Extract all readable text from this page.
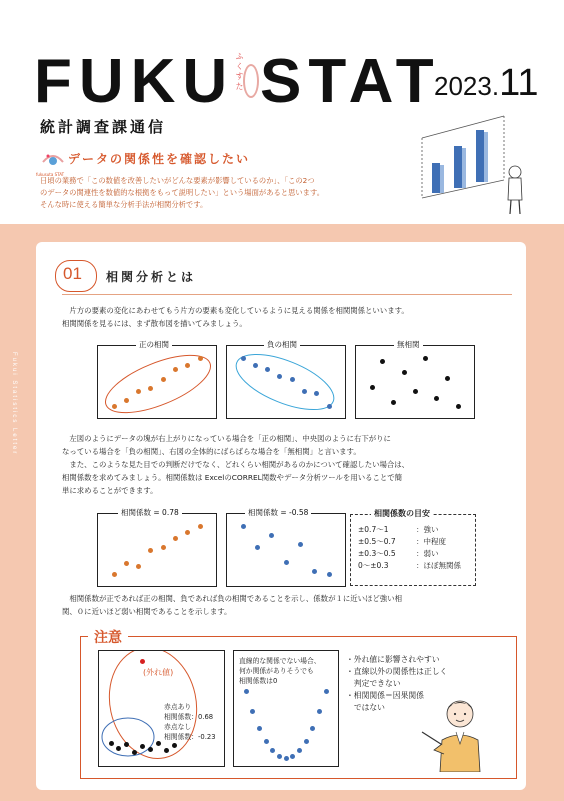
FUKU ふくすた STAT
2023.11
統計調査課通信
fukusuta STAT
データの関係性を確認したい
日頃の業務で「この数値を改善したいがどんな要素が影響しているのか」、「この2つ
のデータの関連性を数値的な根拠をもって説明したい」という場面があると思います。
そんな時に使える簡単な分析手法が相関分析です。
Fukui Statistics Letter
01 相関分析とは
　片方の要素の変化にあわせてもう片方の要素も変化しているように見える関係を相関関係といいます。
相関関係を見るには、まず散布図を描いてみましょう。
正の相関	負の相関	無相関
　左図のようにデータの塊が右上がりになっている場合を「正の相関」、中央図のように右下がりに
なっている場合を「負の相関」、右図の全体的にばらばらな場合を「無相関」と言います。
　また、このような見た目での判断だけでなく、どれくらい相関があるのかについて確認したい場合は、
相関係数を求めてみましょう。相関係数は ExcelのCORREL関数やデータ分析ツールを用いることで簡
単に求めることができます。
相関係数 = 0.78	相関係数 = -0.58	相関係数の目安
±0.7～1	：強い
±0.5～0.7	：中程度
±0.3～0.5	：弱い
0～±0.3	：ほぼ無関係
　相関係数が正であれば正の相関、負であれば負の相関であることを示し、係数が１に近いほど強い相
関、０に近いほど弱い相関であることを示します。
注意
(外れ値)
赤点あり
相関係数：0.68
赤点なし
相関係数：-0.23
直線的な関係でない場合、
何か関係がありそうでも
相関係数は0
・外れ値に影響されやすい
・直線以外の関係性は正しく
　判定できない
・相関関係＝因果関係
　ではない
